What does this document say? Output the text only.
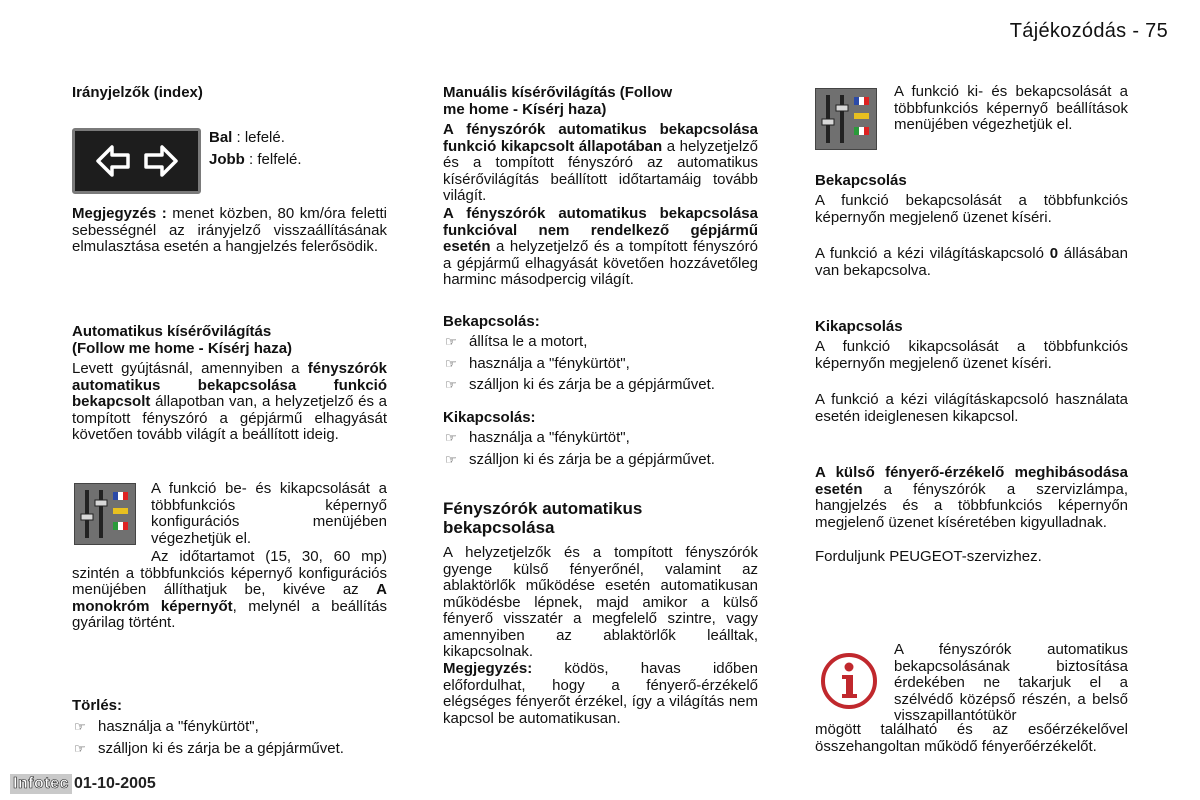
Tájékozódás - 75
Irányjelzők (index)
Bal : lefelé.
Jobb : felfelé.
Megjegyzés : menet közben, 80 km/óra feletti sebességnél az irányjelző visszaállításának elmulasztása esetén a hangjelzés felerősödik.
Automatikus kísérővilágítás
(Follow me home - Kísérj haza)
Levett gyújtásnál, amennyiben a fényszórók automatikus bekapcsolása funkció bekapcsolt állapotban van, a helyzetjelző és a tompított fényszóró a gépjármű elhagyását követően tovább világít a beállított ideig.
A funkció be- és kikapcsolását a többfunkciós képernyő konfigurációs menüjében végezhetjük el.
Az időtartamot (15, 30, 60 mp) szintén a többfunkciós képernyő konfigurációs menüjében állíthatjuk be, kivéve az A monokróm képernyőt, melynél a beállítás gyárilag történt.
Törlés:
☞ használja a "fénykürtöt",
☞ szálljon ki és zárja be a gépjárművet.
Manuális kísérővilágítás (Follow
me home - Kísérj haza)
A fényszórók automatikus bekapcsolása funkció kikapcsolt állapotában a helyzetjelző és a tompított fényszóró az automatikus kísérővilágítás beállított időtartamáig tovább világít.
A fényszórók automatikus bekapcsolása funkcióval nem rendelkező gépjármű esetén a helyzetjelző és a tompított fényszóró a gépjármű elhagyását követően hozzávetőleg harminc másodpercig világít.
Bekapcsolás:
☞ állítsa le a motort,
☞ használja a "fénykürtöt",
☞ szálljon ki és zárja be a gépjárművet.
Kikapcsolás:
☞ használja a "fénykürtöt",
☞ szálljon ki és zárja be a gépjárművet.
Fényszórók automatikus
bekapcsolása
A helyzetjelzők és a tompított fényszórók gyenge külső fényerőnél, valamint az ablaktörlők működése esetén automatikusan működésbe lépnek, majd amikor a külső fényerő visszatér a megfelelő szintre, vagy amennyiben az ablaktörlők leálltak, kikapcsolnak.
Megjegyzés: ködös, havas időben előfordulhat, hogy a fényerő-érzékelő elégséges fényerőt érzékel, így a világítás nem kapcsol be automatikusan.
A funkció ki- és bekapcsolását a többfunkciós képernyő beállítások menüjében végezhetjük el.
Bekapcsolás
A funkció bekapcsolását a többfunkciós képernyőn megjelenő üzenet kíséri.
A funkció a kézi világításkapcsoló 0 állásában van bekapcsolva.
Kikapcsolás
A funkció kikapcsolását a többfunkciós képernyőn megjelenő üzenet kíséri.
A funkció a kézi világításkapcsoló használata esetén ideiglenesen kikapcsol.
A külső fényerő-érzékelő meghibásodása esetén a fényszórók a szervizlámpa, hangjelzés és a többfunkciós képernyőn megjelenő üzenet kíséretében kigyulladnak.
Forduljunk PEUGEOT-szervizhez.
A fényszórók automatikus bekapcsolásának biztosítása érdekében ne takarjuk el a szélvédő középső részén, a belső visszapillantótükör
mögött található és az esőérzékelővel összehangoltan működő fényerőérzékelőt.
Infotec 01-10-2005
